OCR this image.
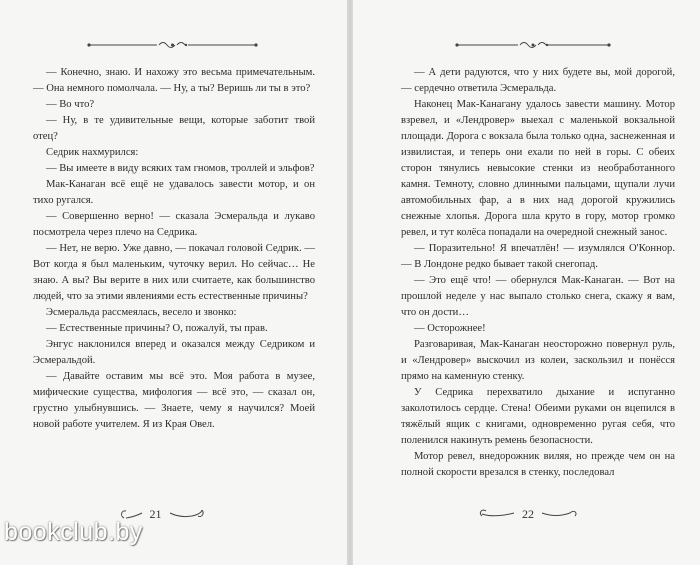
— Конечно, знаю. И нахожу это весьма примечательным. — Она немного помолчала. — Ну, а ты? Веришь ли ты в это?

— Во что?

— Ну, в те удивительные вещи, которые заботит твой отец?

Седрик нахмурился:

— Вы имеете в виду всяких там гномов, троллей и эльфов?

Мак-Канаган всё ещё не удавалось завести мотор, и он тихо ругался.

— Совершенно верно! — сказала Эсмеральда и лукаво посмотрела через плечо на Седрика.

— Нет, не верю. Уже давно, — покачал головой Седрик. — Вот когда я был маленьким, чуточку верил. Но сейчас… Не знаю. А вы? Вы верите в них или считаете, как большинство людей, что за этими явлениями есть естественные причины?

Эсмеральда рассмеялась, весело и звонко:

— Естественные причины? О, пожалуй, ты прав.

Энгус наклонился вперед и оказался между Седриком и Эсмеральдой.

— Давайте оставим мы всё это. Моя работа в музее, мифические существа, мифология — всё это, — сказал он, грустно улыбнувшись. — Знаете, чему я научился? Моей новой работе учителем. Я из Края Овел.

21

— А дети радуются, что у них будете вы, мой дорогой, — сердечно ответила Эсмеральда.

Наконец Мак-Канагану удалось завести машину. Мотор взревел, и «Лендровер» выехал с маленькой вокзальной площади. Дорога с вокзала была только одна, заснеженная и извилистая, и теперь они ехали по ней в горы. С обеих сторон тянулись невысокие стенки из необработанного камня. Темноту, словно длинными пальцами, щупали лучи автомобильных фар, а в них над дорогой кружились снежные хлопья. Дорога шла круто в гору, мотор громко ревел, и тут колёса попадали на очередной снежный занос.

— Поразительно! Я впечатлён! — изумлялся О'Коннор. — В Лондоне редко бывает такой снегопад.

— Это ещё что! — обернулся Мак-Канаган. — Вот на прошлой неделе у нас выпало столько снега, скажу я вам, что он дости…

— Осторожнее!

Разговаривая, Мак-Канаган неосторожно повернул руль, и «Лендровер» выскочил из колеи, заскользил и понёсся прямо на каменную стенку.

У Седрика перехватило дыхание и испуганно заколотилось сердце. Стена! Обеими руками он вцепился в тяжёлый ящик с книгами, одновременно ругая себя, что поленился накинуть ремень безопасности.

Мотор ревел, внедорожник виляя, но прежде чем он на полной скорости врезался в стенку, последовал

22
bookclub.by
